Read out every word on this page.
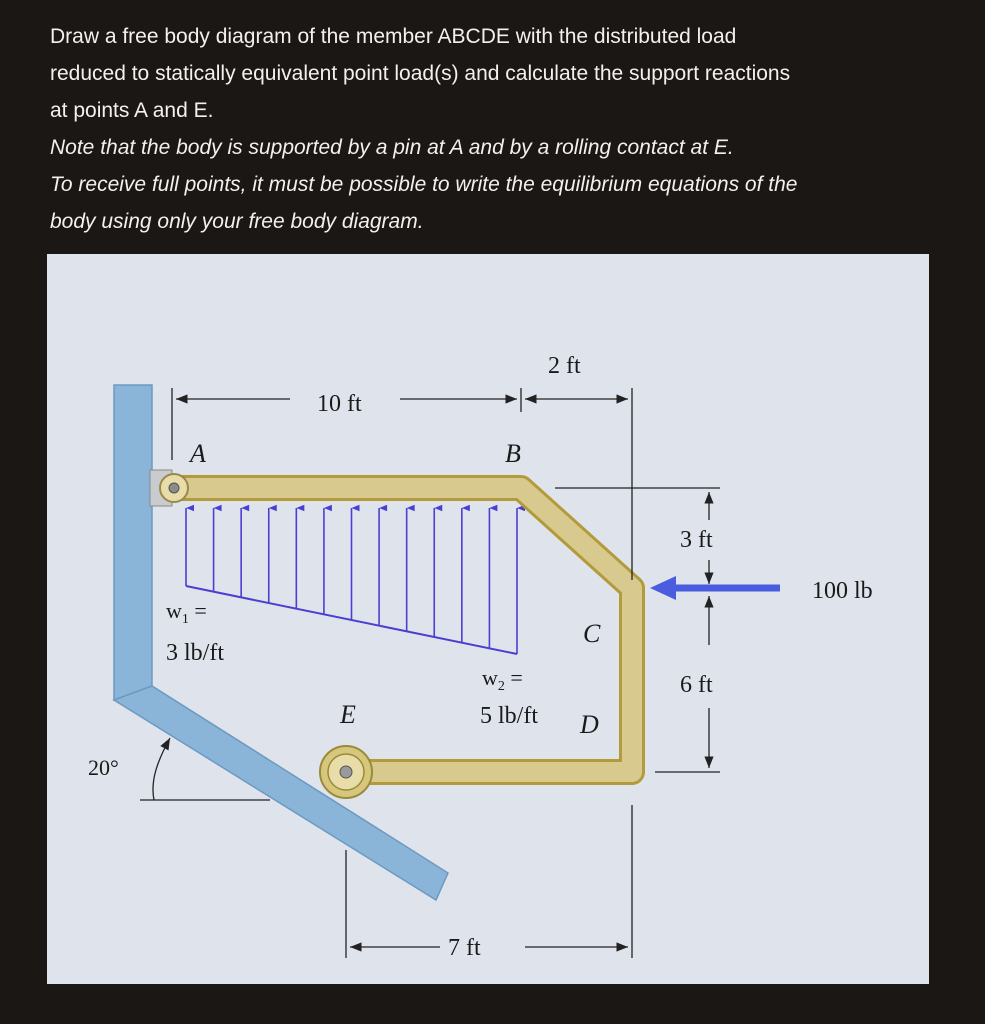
Draw a free body diagram of the member ABCDE with the distributed load

reduced to statically equivalent point load(s) and calculate the support reactions

at points A and E.

Note that the body is supported by a pin at A and by a rolling contact at E.

To receive full points, it must be possible to write the equilibrium equations of the

body using only your free body diagram.

2 ft
10 ft
A	B
C
D
E
3 ft
6 ft
100 lb
7 ft
20°
$w_1$ =
3 lb/ft
$w_2$ =
5 lb/ft
